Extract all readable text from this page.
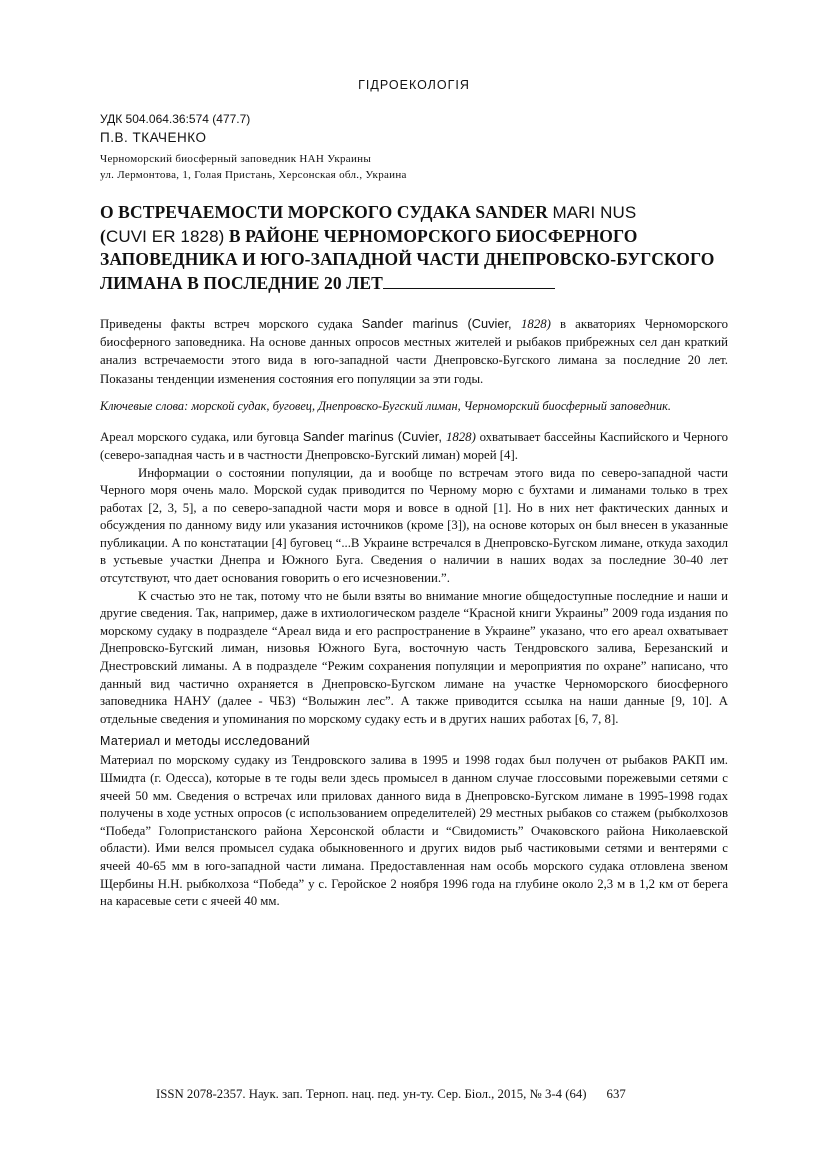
ГІДРОЕКОЛОГІЯ
УДК 504.064.36:574 (477.7)
П.В. ТКАЧЕНКО

Черноморский биосферный заповедник НАН Украины

ул. Лермонтова, 1, Голая Пристань, Херсонская обл., Украина

О ВСТРЕЧАЕМОСТИ МОРСКОГО СУДАКА SANDER MARI NUS
(CUVI ER 1828) В РАЙОНЕ ЧЕРНОМОРСКОГО БИОСФЕРНОГО ЗАПОВЕДНИКА И ЮГО-ЗАПАДНОЙ ЧАСТИ ДНЕПРОВСКО-БУГСКОГО ЛИМАНА В ПОСЛЕДНИЕ 20 ЛЕТ

Приведены факты встреч морского судака Sander marinus (Cuvier, 1828) в акваториях Черноморского биосферного заповедника. На основе данных опросов местных жителей и рыбаков прибрежных сел дан краткий анализ встречаемости этого вида в юго-западной части Днепровско-Бугского лимана за последние 20 лет. Показаны тенденции изменения состояния его популяции за эти годы.

Ключевые слова: морской судак, буговец, Днепровско-Бугский лиман, Черноморский биосферный заповедник.

Ареал морского судака, или буговца Sander marinus (Cuvier, 1828) охватывает бассейны Каспийского и Черного (северо-западная часть и в частности Днепровско-Бугский лиман) морей [4].

Информации о состоянии популяции, да и вообще по встречам этого вида по северо-западной части Черного моря очень мало. Морской судак приводится по Черному морю с бухтами и лиманами только в трех работах [2, 3, 5], а по северо-западной части моря и вовсе в одной [1]. Но в них нет фактических данных и обсуждения по данному виду или указания источников (кроме [3]), на основе которых он был внесен в указанные публикации. А по констатации [4] буговец “...В Украине встречался в Днепровско-Бугском лимане, откуда заходил в устьевые участки Днепра и Южного Буга. Сведения о наличии в наших водах за последние 30-40 лет отсутствуют, что дает основания говорить о его исчезновении.”.

К счастью это не так, потому что не были взяты во внимание многие общедоступные последние и наши и другие сведения. Так, например, даже в ихтиологическом разделе “Красной книги Украины” 2009 года издания по морскому судаку в подразделе “Ареал вида и его распространение в Украине” указано, что его ареал охватывает Днепровско-Бугский лиман, низовья Южного Буга, восточную часть Тендровского залива, Березанский и Днестровский лиманы. А в подразделе “Режим сохранения популяции и мероприятия по охране” написано, что данный вид частично охраняется в Днепровско-Бугском лимане на участке Черноморского биосферного заповедника НАНУ (далее - ЧБЗ) “Волыжин лес”. А также приводится ссылка на наши данные [9, 10]. А отдельные сведения и упоминания по морскому судаку есть и в других наших работах [6, 7, 8].

Материал и методы исследований

Материал по морскому судаку из Тендровского залива в 1995 и 1998 годах был получен от рыбаков РАКП им. Шмидта (г. Одесса), которые в те годы вели здесь промысел в данном случае глоссовыми порежевыми сетями с ячеей 50 мм. Сведения о встречах или приловах данного вида в Днепровско-Бугском лимане в 1995-1998 годах получены в ходе устных опросов (с использованием определителей) 29 местных рыбаков со стажем (рыбколхозов “Победа” Голопристанского района Херсонской области и “Свидомисть” Очаковского района Николаевской области). Ими велся промысел судака обыкновенного и других видов рыб частиковыми сетями и вентерями с ячеей 40-65 мм в юго-западной части лимана. Предоставленная нам особь морского судака отловлена звеном Щербины Н.Н. рыбколхоза “Победа” у с. Геройское 2 ноября 1996 года на глубине около 2,3 м в 1,2 км от берега на карасевые сети с ячеей 40 мм.

ISSN 2078-2357. Наук. зап. Терноп. нац. пед. ун-ту. Сер. Біол., 2015, № 3-4 (64) 637
